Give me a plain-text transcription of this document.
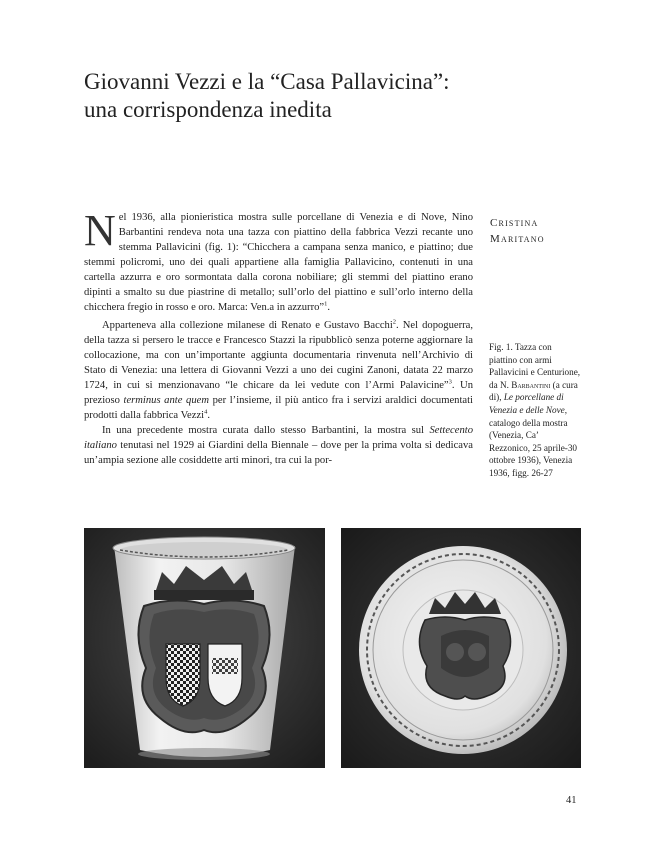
Giovanni Vezzi e la “Casa Pallavicina”:
una corrispondenza inedita
Cristina
Maritano

Nel 1936, alla pionieristica mostra sulle porcellane di Venezia e di Nove, Nino Barbantini rendeva nota una tazza con piattino della fabbrica Vezzi recante uno stemma Pallavicini (fig. 1): “Chicchera a campana senza manico, e piattino; due stemmi policromi, uno dei quali appartiene alla famiglia Pallavicino, contenuti in una cartella azzurra e oro sormontata dalla corona nobiliare; gli stemmi del piattino erano dipinti a smalto su due piastrine di metallo; sull’orlo del piattino e sull’orlo interno della chicchera fregio in rosso e oro. Marca: Ven.a in azzurro”$^1$.

Apparteneva alla collezione milanese di Renato e Gustavo Bacchi$^2$. Nel dopoguerra, della tazza si persero le tracce e Francesco Stazzi la ripubblicò senza poterne aggiornare la collocazione, ma con un’importante aggiunta documentaria rinvenuta nell’Archivio di Stato di Venezia: una lettera di Giovanni Vezzi a uno dei cugini Zanoni, datata 22 marzo 1724, in cui si menzionavano “le chicare da lei vedute con l’Armi Palavicine”$^3$. Un prezioso terminus ante quem per l’insieme, il più antico fra i servizi araldici documentati prodotti dalla fabbrica Vezzi$^4$.

In una precedente mostra curata dallo stesso Barbantini, la mostra sul Settecento italiano tenutasi nel 1929 ai Giardini della Biennale – dove per la prima volta si dedicava un’ampia sezione alle cosiddette arti minori, tra cui la por-

Fig. 1. Tazza con piattino con armi Pallavicini e Centurione, da N. Barbantini (a cura di), Le porcellane di Venezia e delle Nove, catalogo della mostra (Venezia, Ca’ Rezzonico, 25 aprile-30 ottobre 1936), Venezia 1936, figg. 26-27
41
